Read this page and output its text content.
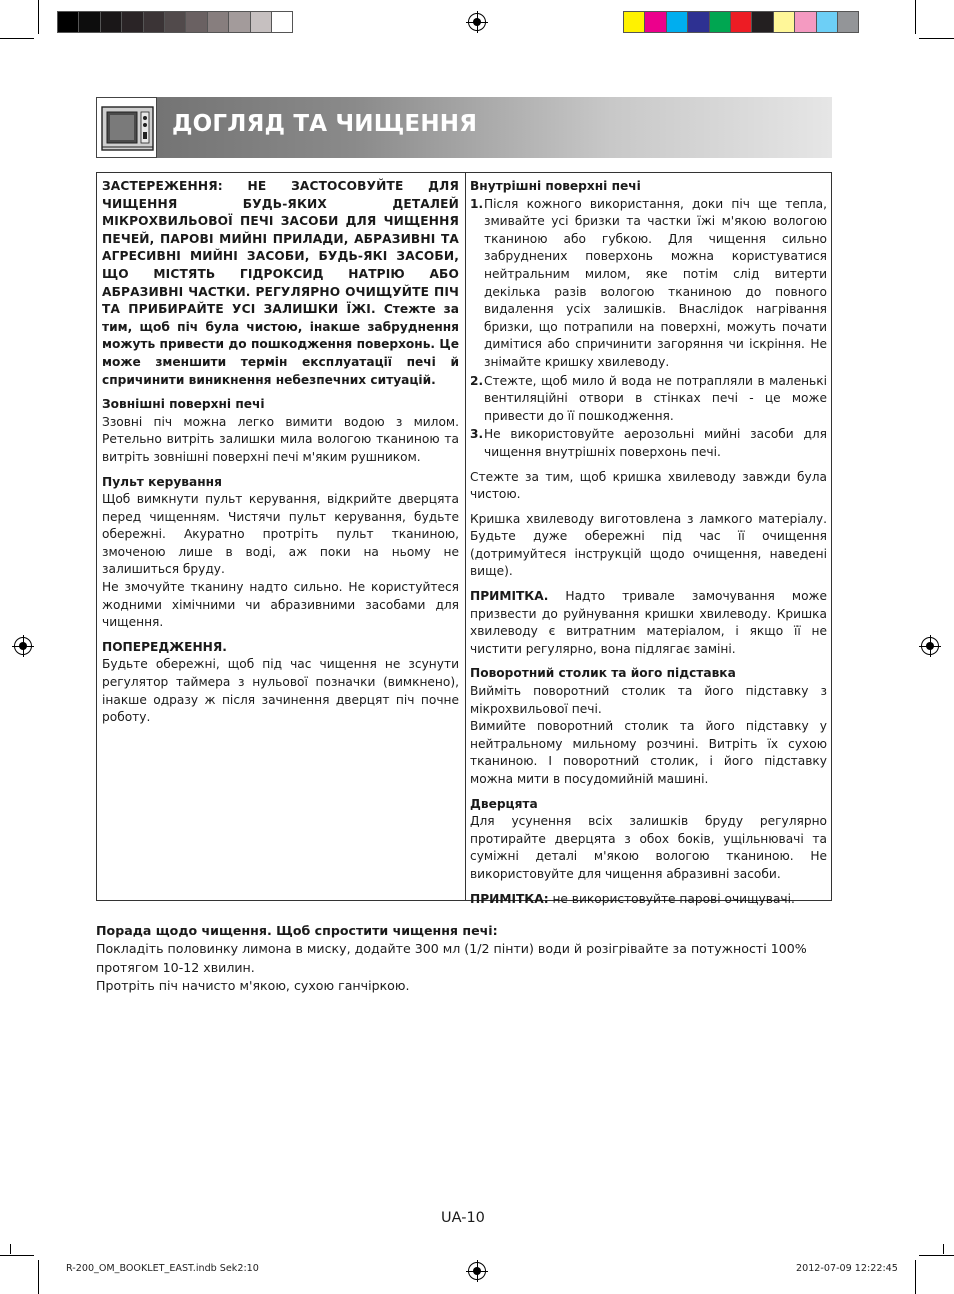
ДОГЛЯД ТА ЧИЩЕННЯ

ЗАСТЕРЕЖЕННЯ: НЕ ЗАСТОСОВУЙТЕ ДЛЯ ЧИЩЕННЯ БУДЬ-ЯКИХ ДЕТАЛЕЙ МІКРОХВИЛЬОВОЇ ПЕЧІ ЗАСОБИ ДЛЯ ЧИЩЕННЯ ПЕЧЕЙ, ПАРОВІ МИЙНІ ПРИЛАДИ, АБРАЗИВНІ ТА АГРЕСИВНІ МИЙНІ ЗАСОБИ, БУДЬ-ЯКІ ЗАСОБИ, ЩО МІСТЯТЬ ГІДРОКСИД НАТРІЮ АБО АБРАЗИВНІ ЧАСТКИ. РЕГУЛЯРНО ОЧИЩУЙТЕ ПІЧ ТА ПРИБИРАЙТЕ УСІ ЗАЛИШКИ ЇЖІ. Стежте за тим, щоб піч була чистою, інакше забруднення можуть привести до пошкодження поверхонь. Це може зменшити термін експлуатації печі й спричинити виникнення небезпечних ситуацій.

Зовнішні поверхні печі

Ззовні піч можна легко вимити водою з милом. Ретельно витріть залишки мила вологою тканиною та витріть зовнішні поверхні печі м'яким рушником.

Пульт керування

Щоб вимкнути пульт керування, відкрийте дверцята перед чищенням. Чистячи пульт керування, будьте обережні. Акуратно протріть пульт тканиною, змоченою лише в воді, аж поки на ньому не залишиться бруду.

Не змочуйте тканину надто сильно. Не користуйтеся жодними хімічними чи абразивними засобами для чищення.

ПОПЕРЕДЖЕННЯ.

Будьте обережні, щоб під час чищення не зсунути регулятор таймера з нульової позначки (вимкнено), інакше одразу ж після зачинення дверцят піч почне роботу.

Внутрішні поверхні печі

1. Після кожного використання, доки піч ще тепла, змивайте усі бризки та частки їжі м'якою вологою тканиною або губкою. Для чищення сильно забруднених поверхонь можна користуватися нейтральним милом, яке потім слід витерти декілька разів вологою тканиною до повного видалення усіх залишків. Внаслідок нагрівання бризки, що потрапили на поверхні, можуть почати димітися або спричинити загоряння чи іскріння. Не знімайте кришку хвилеводу.
2. Стежте, щоб мило й вода не потрапляли в маленькі вентиляційні отвори в стінках печі - це може привести до її пошкодження.
3. Не використовуйте аерозольні мийні засоби для чищення внутрішніх поверхонь печі.

Стежте за тим, щоб кришка хвилеводу завжди була чистою.

Кришка хвилеводу виготовлена з ламкого матеріалу. Будьте дуже обережні під час її очищення (дотримуйтеся інструкцій щодо очищення, наведені вище).

ПРИМІТКА. Надто тривале замочування може призвести до руйнування кришки хвилеводу. Кришка хвилеводу є витратним матеріалом, і якщо її не чистити регулярно, вона підлягає заміні.

Поворотний столик та його підставка

Вийміть поворотний столик та його підставку з мікрохвильової печі.

Вимийте поворотний столик та його підставку у нейтральному мильному розчині. Витріть їх сухою тканиною. І поворотний столик, і його підставку можна мити в посудомийній машині.

Дверцята

Для усунення всіх залишків бруду регулярно протирайте дверцята з обох боків, ущільнювачі та суміжні деталі м'якою вологою тканиною. Не використовуйте для чищення абразивні засоби.

ПРИМІТКА: не використовуйте парові очищувачі.

Порада щодо чищення. Щоб спростити чищення печі:

Покладіть половинку лимона в миску, додайте 300 мл (1/2 пінти) води й розігрівайте за потужності 100% протягом 10-12 хвилин.

Протріть піч начисто м'якою, сухою ганчіркою.

UA-10
R-200_OM_BOOKLET_EAST.indb Sek2:10	2012-07-09 12:22:45
